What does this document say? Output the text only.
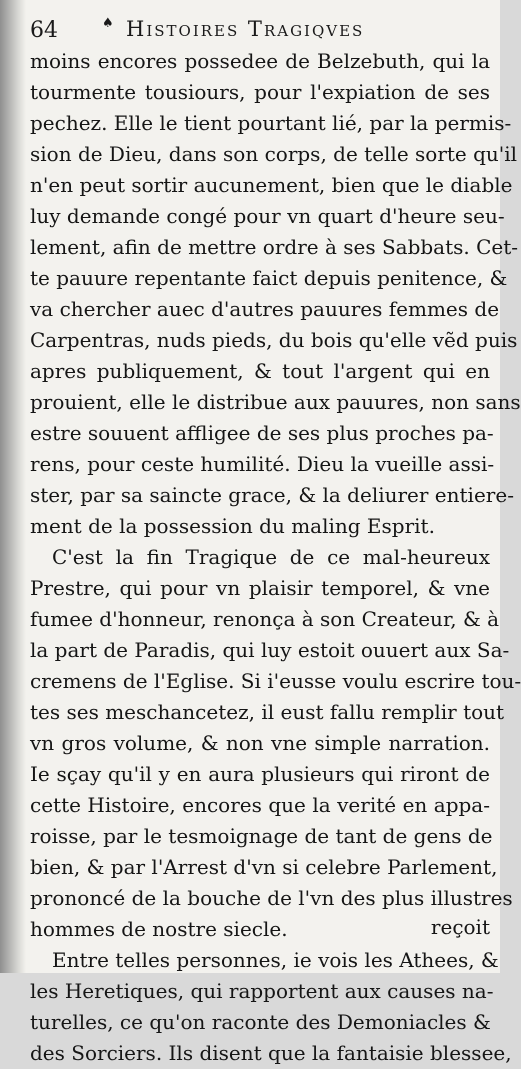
64	♠ Histoires Tragiqves
moins encores possedee de Belzebuth, qui la
tourmente tousiours, pour l'expiation de ses
pechez. Elle le tient pourtant lié, par la permis-
sion de Dieu, dans son corps, de telle sorte qu'il
n'en peut sortir aucunement, bien que le diable
luy demande congé pour vn quart d'heure seu-
lement, afin de mettre ordre à ses Sabbats. Cet-
te pauure repentante faict depuis penitence, &
va chercher auec d'autres pauures femmes de
Carpentras, nuds pieds, du bois qu'elle vẽd puis
apres publiquement, & tout l'argent qui en
prouient, elle le distribue aux pauures, non sans
estre souuent affligee de ses plus proches pa-
rens, pour ceste humilité. Dieu la vueille assi-
ster, par sa saincte grace, & la deliurer entiere-
ment de la possession du maling Esprit.
C'est la fin Tragique de ce mal-heureux
Prestre, qui pour vn plaisir temporel, & vne
fumee d'honneur, renonça à son Createur, & à
la part de Paradis, qui luy estoit ouuert aux Sa-
cremens de l'Eglise. Si i'eusse voulu escrire tou-
tes ses meschancetez, il eust fallu remplir tout
vn gros volume, & non vne simple narration.
Ie sçay qu'il y en aura plusieurs qui riront de
cette Histoire, encores que la verité en appa-
roisse, par le tesmoignage de tant de gens de
bien, & par l'Arrest d'vn si celebre Parlement,
prononcé de la bouche de l'vn des plus illustres
hommes de nostre siecle.
Entre telles personnes, ie vois les Athees, &
les Heretiques, qui rapportent aux causes na-
turelles, ce qu'on raconte des Demoniacles &
des Sorciers. Ils disent que la fantaisie blessee,
reçoit
